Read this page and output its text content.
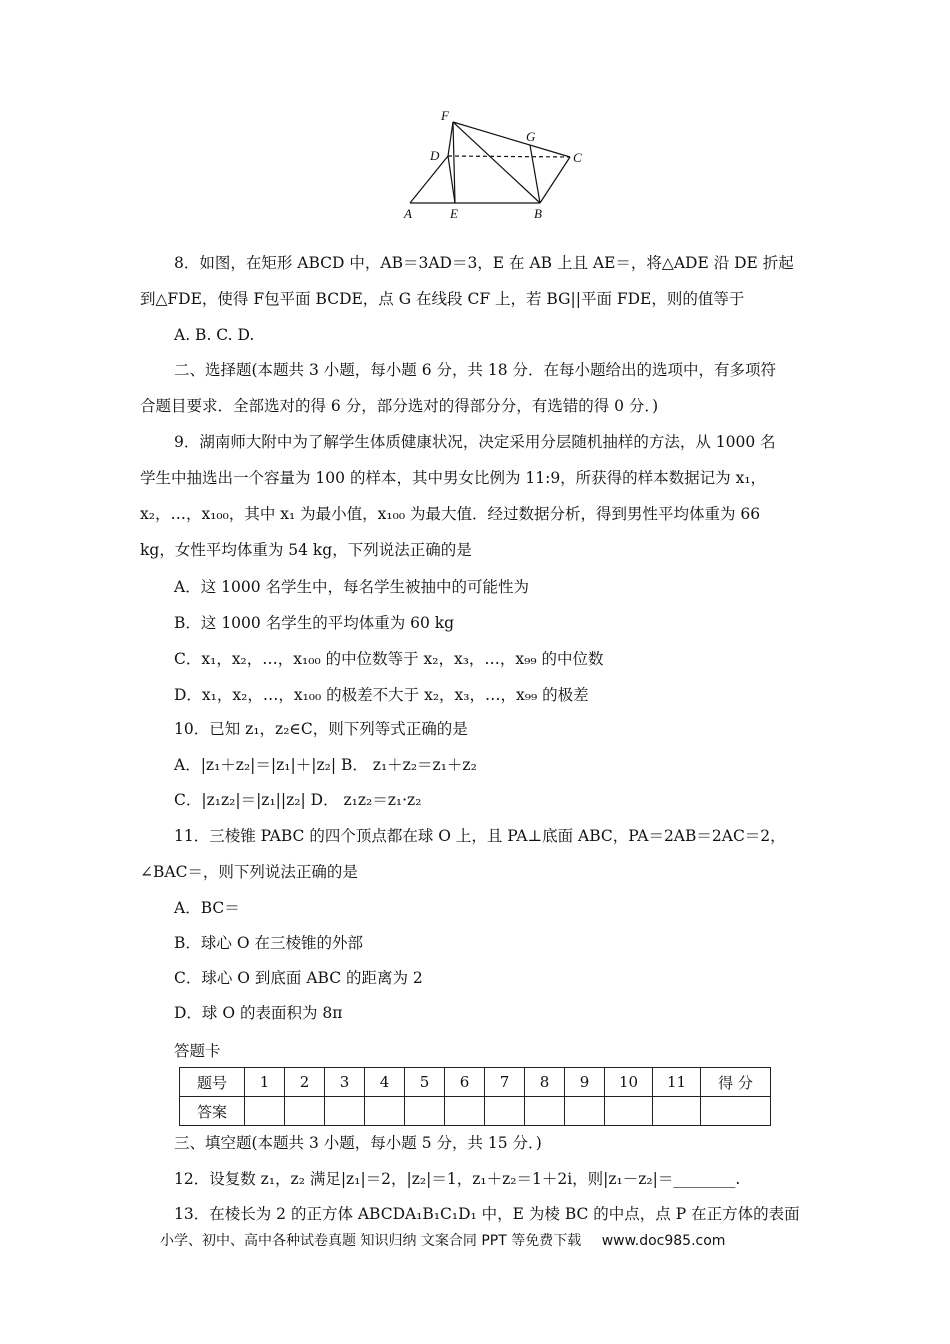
F
D
G
C
A	E	B
8．如图，在矩形 ABCD 中，AB＝3AD＝3，E 在 AB 上且 AE＝，将△ADE 沿 DE 折起
到△FDE，使得 F包平面 BCDE，点 G 在线段 CF 上，若 BG||平面 FDE，则的值等于
A. B. C. D.
二、选择题(本题共 3 小题，每小题 6 分，共 18 分．在每小题给出的选项中，有多项符
合题目要求．全部选对的得 6 分，部分选对的得部分分，有选错的得 0 分．)
9．湖南师大附中为了解学生体质健康状况，决定采用分层随机抽样的方法，从 1000 名
学生中抽选出一个容量为 100 的样本，其中男女比例为 11:9，所获得的样本数据记为 x₁，
x₂，…，x₁₀₀，其中 x₁ 为最小值，x₁₀₀ 为最大值．经过数据分析，得到男性平均体重为 66
kg，女性平均体重为 54 kg，下列说法正确的是
A．这 1000 名学生中，每名学生被抽中的可能性为
B．这 1000 名学生的平均体重为 60 kg
C．x₁，x₂，…，x₁₀₀ 的中位数等于 x₂，x₃，…，x₉₉ 的中位数
D．x₁，x₂，…，x₁₀₀ 的极差不大于 x₂，x₃，…，x₉₉ 的极差
10．已知 z₁，z₂∈C，则下列等式正确的是
A．|z₁＋z₂|＝|z₁|＋|z₂| B． z₁＋z₂＝z₁＋z₂
C．|z₁z₂|＝|z₁||z₂| D． z₁z₂＝z₁·z₂
11．三棱锥 PABC 的四个顶点都在球 O 上，且 PA⊥底面 ABC，PA＝2AB＝2AC＝2，
∠BAC＝，则下列说法正确的是
A．BC＝
B．球心 O 在三棱锥的外部
C．球心 O 到底面 ABC 的距离为 2
D．球 O 的表面积为 8π
答题卡
题号	1	2	3	4	5	6	7	8	9	10	11	得 分
答案												
三、填空题(本题共 3 小题，每小题 5 分，共 15 分．)
12．设复数 z₁，z₂ 满足|z₁|＝2，|z₂|＝1，z₁＋z₂＝1＋2i，则|z₁－z₂|＝________.
13．在棱长为 2 的正方体 ABCDA₁B₁C₁D₁ 中，E 为棱 BC 的中点，点 P 在正方体的表面
小学、初中、高中各种试卷真题 知识归纳 文案合同 PPT 等免费下载 www.doc985.com
